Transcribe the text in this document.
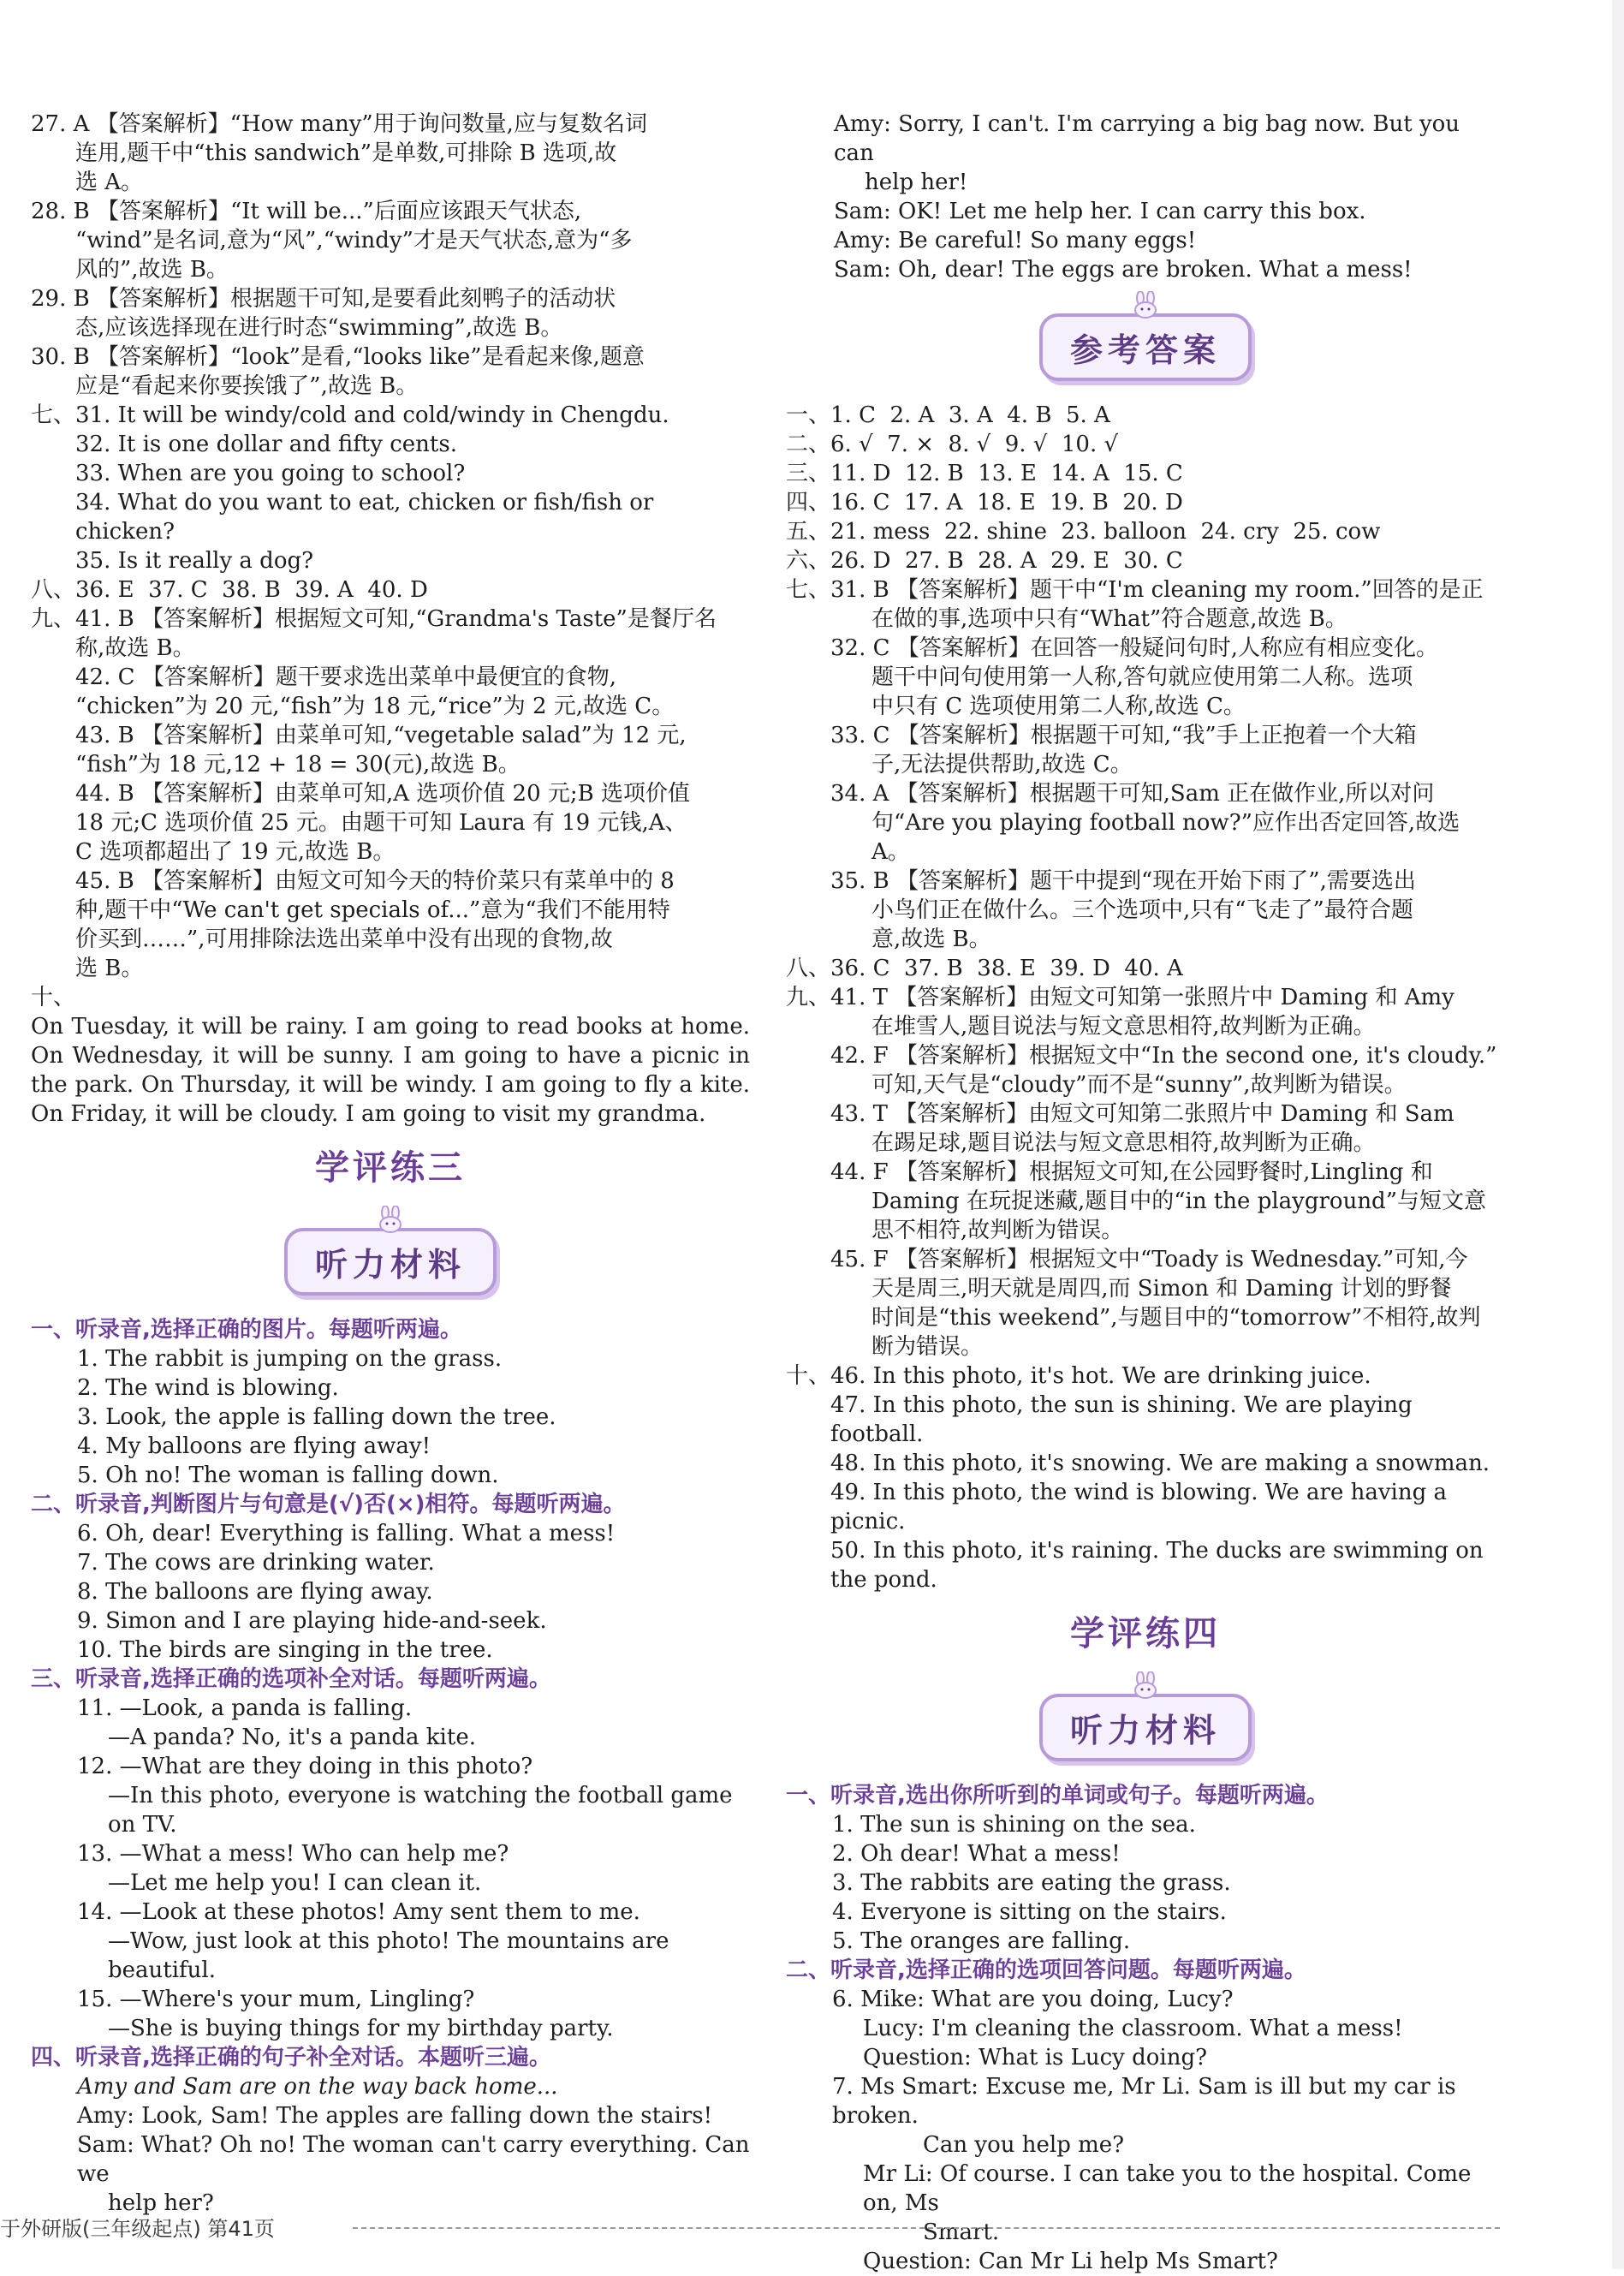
27. A 【答案解析】“How many”用于询问数量,应与复数名词

连用,题干中“this sandwich”是单数,可排除 B 选项,故

选 A。

28. B 【答案解析】“It will be...”后面应该跟天气状态,

“wind”是名词,意为“风”,“windy”才是天气状态,意为“多

风的”,故选 B。

29. B 【答案解析】根据题干可知,是要看此刻鸭子的活动状

态,应该选择现在进行时态“swimming”,故选 B。

30. B 【答案解析】“look”是看,“looks like”是看起来像,题意

应是“看起来你要挨饿了”,故选 B。

七、31. It will be windy/cold and cold/windy in Chengdu.

32. It is one dollar and fifty cents.

33. When are you going to school?

34. What do you want to eat, chicken or fish/fish or chicken?

35. Is it really a dog?

八、36. E  37. C  38. B  39. A  40. D

九、41. B 【答案解析】根据短文可知,“Grandma's Taste”是餐厅名

称,故选 B。

42. C 【答案解析】题干要求选出菜单中最便宜的食物,

“chicken”为 20 元,“fish”为 18 元,“rice”为 2 元,故选 C。

43. B 【答案解析】由菜单可知,“vegetable salad”为 12 元,

“fish”为 18 元,12 + 18 = 30(元),故选 B。

44. B 【答案解析】由菜单可知,A 选项价值 20 元;B 选项价值

18 元;C 选项价值 25 元。由题干可知 Laura 有 19 元钱,A、

C 选项都超出了 19 元,故选 B。

45. B 【答案解析】由短文可知今天的特价菜只有菜单中的 8

种,题干中“We can't get specials of...”意为“我们不能用特

价买到……”,可用排除法选出菜单中没有出现的食物,故

选 B。

十、

On Tuesday, it will be rainy. I am going to read books at home. On Wednesday, it will be sunny. I am going to have a picnic in the park. On Thursday, it will be windy. I am going to fly a kite. On Friday, it will be cloudy. I am going to visit my grandma.

学评练三
听力材料

一、听录音,选择正确的图片。每题听两遍。

1. The rabbit is jumping on the grass.

2. The wind is blowing.

3. Look, the apple is falling down the tree.

4. My balloons are flying away!

5. Oh no! The woman is falling down.

二、听录音,判断图片与句意是(√)否(×)相符。每题听两遍。

6. Oh, dear! Everything is falling. What a mess!

7. The cows are drinking water.

8. The balloons are flying away.

9. Simon and I are playing hide-and-seek.

10. The birds are singing in the tree.

三、听录音,选择正确的选项补全对话。每题听两遍。

11. —Look, a panda is falling.

—A panda? No, it's a panda kite.

12. —What are they doing in this photo?

—In this photo, everyone is watching the football game on TV.

13. —What a mess! Who can help me?

—Let me help you! I can clean it.

14. —Look at these photos! Amy sent them to me.

—Wow, just look at this photo! The mountains are beautiful.

15. —Where's your mum, Lingling?

—She is buying things for my birthday party.

四、听录音,选择正确的句子补全对话。本题听三遍。

Amy and Sam are on the way back home...

Amy: Look, Sam! The apples are falling down the stairs!

Sam: What? Oh no! The woman can't carry everything. Can we

help her?

Amy: Sorry, I can't. I'm carrying a big bag now. But you can

help her!

Sam: OK! Let me help her. I can carry this box.

Amy: Be careful! So many eggs!

Sam: Oh, dear! The eggs are broken. What a mess!

参考答案

一、1. C  2. A  3. A  4. B  5. A

二、6. √  7. ×  8. √  9. √  10. √

三、11. D  12. B  13. E  14. A  15. C

四、16. C  17. A  18. E  19. B  20. D

五、21. mess  22. shine  23. balloon  24. cry  25. cow

六、26. D  27. B  28. A  29. E  30. C

七、31. B 【答案解析】题干中“I'm cleaning my room.”回答的是正

在做的事,选项中只有“What”符合题意,故选 B。

32. C 【答案解析】在回答一般疑问句时,人称应有相应变化。

题干中问句使用第一人称,答句就应使用第二人称。选项

中只有 C 选项使用第二人称,故选 C。

33. C 【答案解析】根据题干可知,“我”手上正抱着一个大箱

子,无法提供帮助,故选 C。

34. A 【答案解析】根据题干可知,Sam 正在做作业,所以对问

句“Are you playing football now?”应作出否定回答,故选 A。

35. B 【答案解析】题干中提到“现在开始下雨了”,需要选出

小鸟们正在做什么。三个选项中,只有“飞走了”最符合题

意,故选 B。

八、36. C  37. B  38. E  39. D  40. A

九、41. T 【答案解析】由短文可知第一张照片中 Daming 和 Amy

在堆雪人,题目说法与短文意思相符,故判断为正确。

42. F 【答案解析】根据短文中“In the second one, it's cloudy.”

可知,天气是“cloudy”而不是“sunny”,故判断为错误。

43. T 【答案解析】由短文可知第二张照片中 Daming 和 Sam

在踢足球,题目说法与短文意思相符,故判断为正确。

44. F 【答案解析】根据短文可知,在公园野餐时,Lingling 和

Daming 在玩捉迷藏,题目中的“in the playground”与短文意

思不相符,故判断为错误。

45. F 【答案解析】根据短文中“Toady is Wednesday.”可知,今

天是周三,明天就是周四,而 Simon 和 Daming 计划的野餐

时间是“this weekend”,与题目中的“tomorrow”不相符,故判

断为错误。

十、46. In this photo, it's hot. We are drinking juice.

47. In this photo, the sun is shining. We are playing football.

48. In this photo, it's snowing. We are making a snowman.

49. In this photo, the wind is blowing. We are having a picnic.

50. In this photo, it's raining. The ducks are swimming on the pond.

学评练四
听力材料

一、听录音,选出你所听到的单词或句子。每题听两遍。

1. The sun is shining on the sea.

2. Oh dear! What a mess!

3. The rabbits are eating the grass.

4. Everyone is sitting on the stairs.

5. The oranges are falling.

二、听录音,选择正确的选项回答问题。每题听两遍。

6. Mike: What are you doing, Lucy?

Lucy: I'm cleaning the classroom. What a mess!

Question: What is Lucy doing?

7. Ms Smart: Excuse me, Mr Li. Sam is ill but my car is broken.

Can you help me?

Mr Li: Of course. I can take you to the hospital. Come on, Ms

Smart.

Question: Can Mr Li help Ms Smart?

于外研版(三年级起点) 第41页
